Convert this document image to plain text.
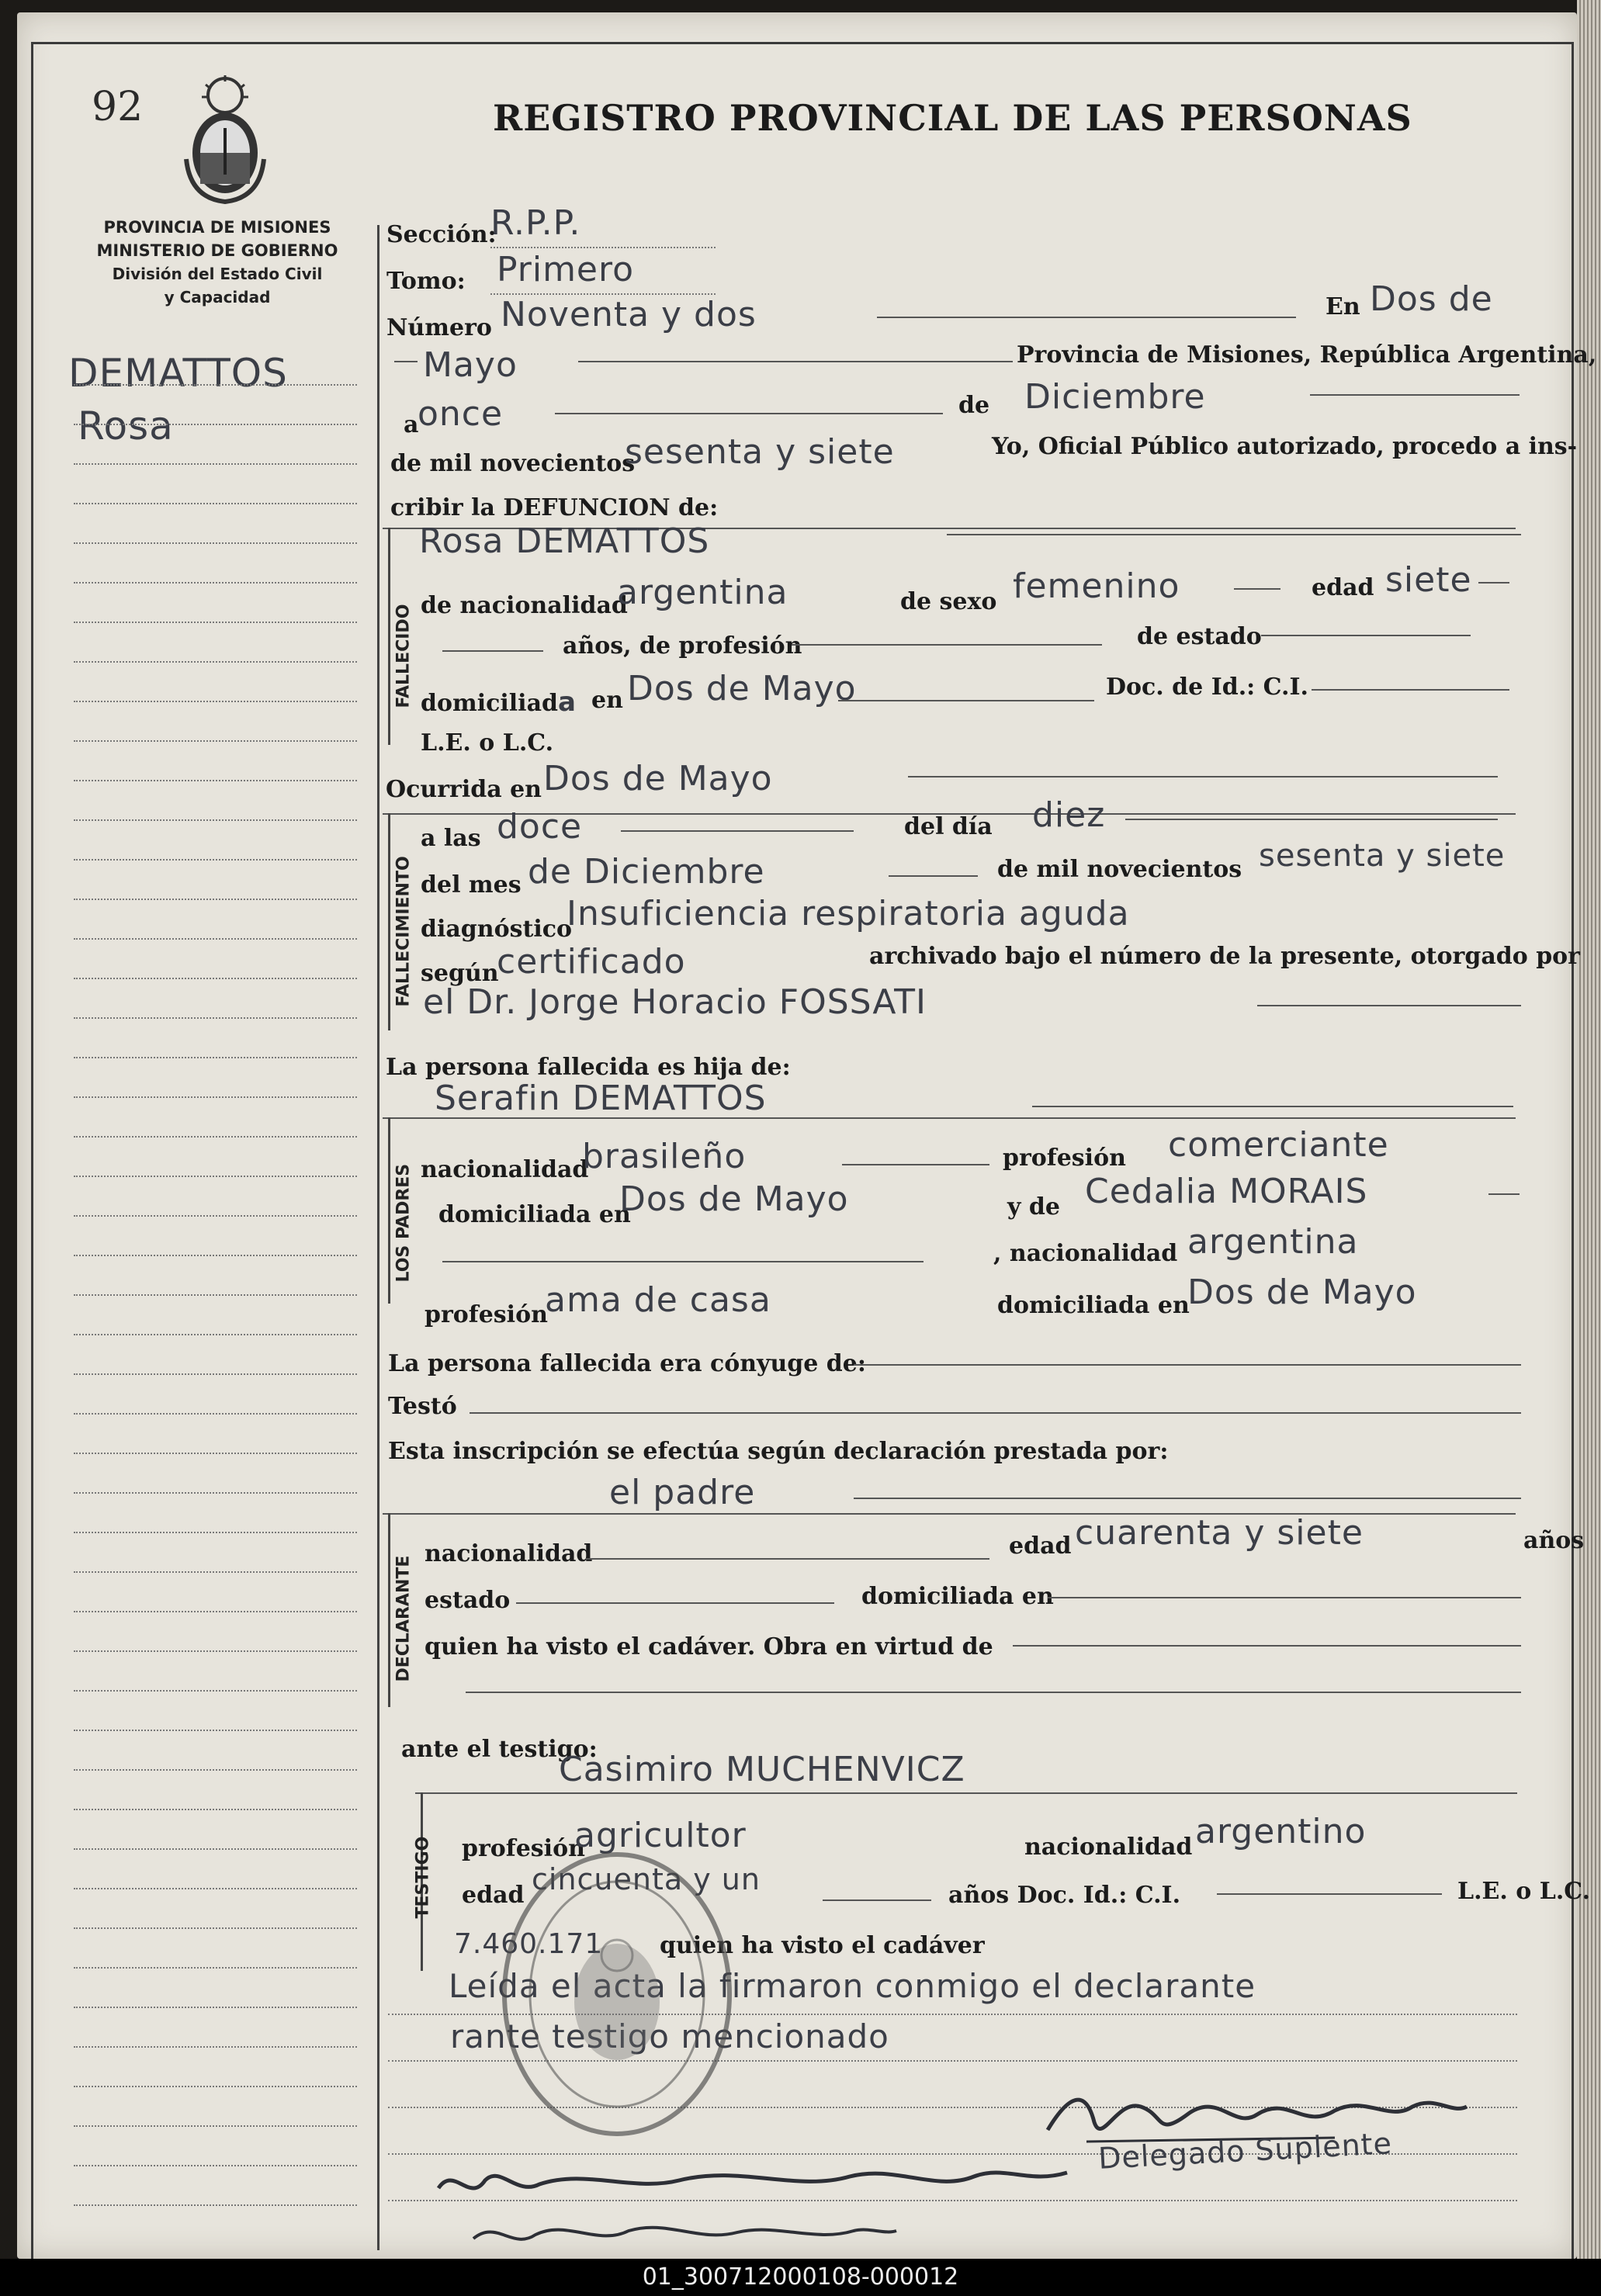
92	REGISTRO PROVINCIAL DE LAS PERSONAS
PROVINCIA DE MISIONES
MINISTERIO DE GOBIERNO
División del Estado Civil
y Capacidad
DEMATTOS
Rosa
Sección:
R.P.P.
Tomo: Primero
Número Noventa y dos	En Dos de
Mayo	Provincia de Misiones, República Argentina,
a
once	de Diciembre
de mil novecientos
sesenta y siete	Yo, Oficial Público autorizado, procedo a ins-
cribir la DEFUNCION de:
FALLECIDO
Rosa DEMATTOS
de nacionalidad
argentina	de sexo femenino	edad siete
años, de profesión	de estado
domiciliada en Dos de Mayo	Doc. de Id.: C.I.
L.E. o L.C.
Ocurrida en Dos de Mayo
FALLECIMIENTO
a las doce	del día diez
del mes de Diciembre	de mil novecientos sesenta y siete
diagnóstico
Insuficiencia respiratoria aguda
según
certificado	archivado bajo el número de la presente, otorgado por
el Dr. Jorge Horacio FOSSATI
La persona fallecida es hija de:
LOS PADRES
Serafin DEMATTOS
nacionalidad
brasileño	profesión comerciante
domiciliada en
Dos de Mayo	y de Cedalia MORAIS
, nacionalidad argentina
profesión
ama de casa	domiciliada en
Dos de Mayo
La persona fallecida era cónyuge de:
Testó
Esta inscripción se efectúa según declaración prestada por:
DECLARANTE
el padre
nacionalidad	edad cuarenta y siete	años
estado	domiciliada en
quien ha visto el cadáver. Obra en virtud de
ante el testigo:
TESTIGO
Casimiro MUCHENVICZ
profesión
agricultor	nacionalidad argentino
edad cincuenta y un	años Doc. Id.: C.I.	L.E. o L.C.
7.460.171 quien ha visto el cadáver
Leída el acta la firmaron conmigo el declarante
rante testigo mencionado
Delegado Suplente
01_300712000108-000012
